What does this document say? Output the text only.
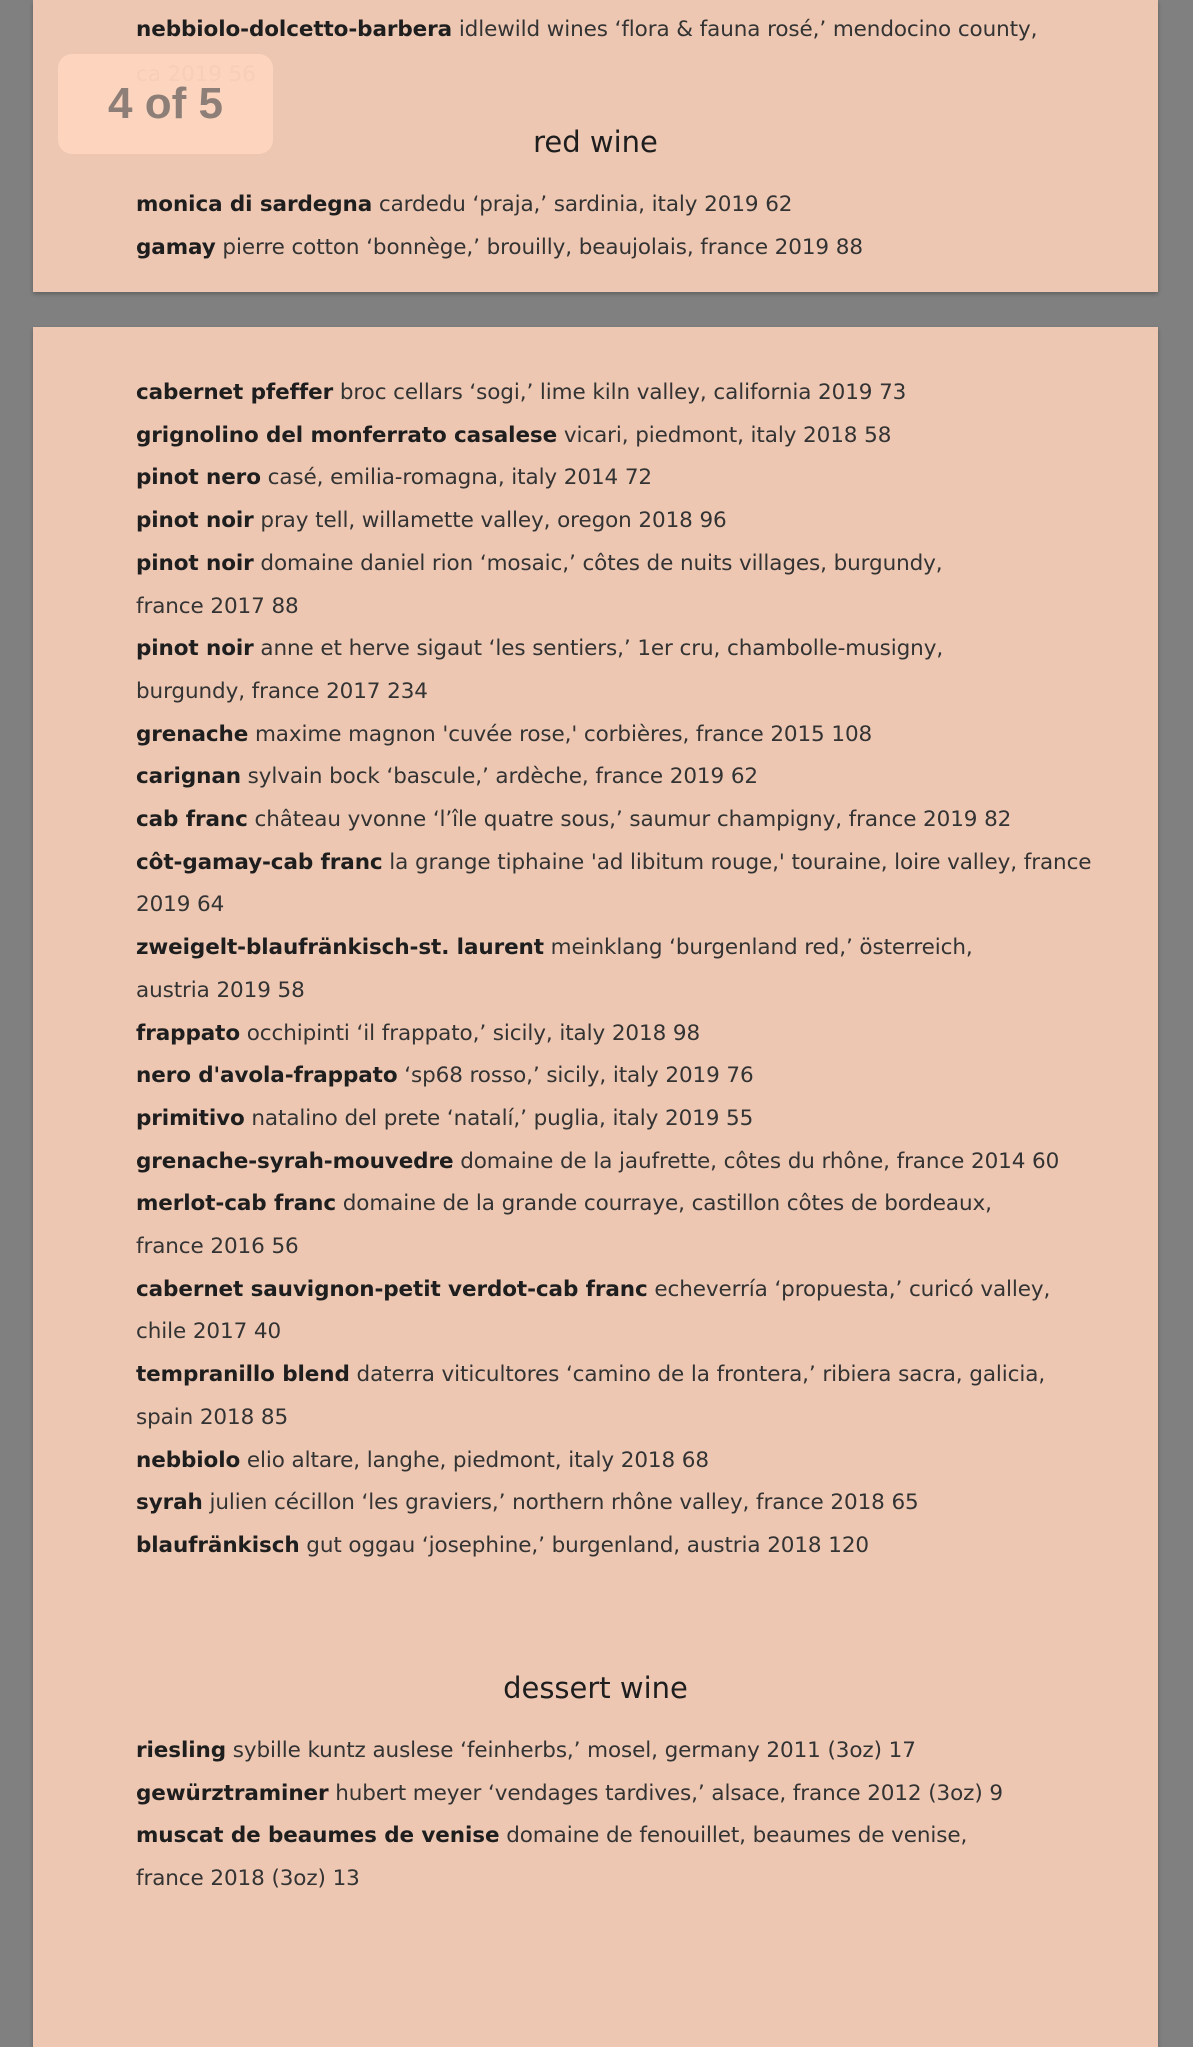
nebbiolo-dolcetto-barbera idlewild wines ‘flora & fauna rosé,’ mendocino county,
red wine
monica di sardegna cardedu ‘praja,’ sardinia, italy 2019 62
gamay pierre cotton ‘bonnège,’ brouilly, beaujolais, france 2019 88
4 of 5
cabernet pfeffer broc cellars ‘sogi,’ lime kiln valley, california 2019 73
grignolino del monferrato casalese vicari, piedmont, italy 2018 58
pinot nero casé, emilia-romagna, italy 2014 72
pinot noir pray tell, willamette valley, oregon 2018 96
pinot noir domaine daniel rion ‘mosaic,’ côtes de nuits villages, burgundy,
france 2017 88
pinot noir anne et herve sigaut ‘les sentiers,’ 1er cru, chambolle-musigny,
burgundy, france 2017 234
grenache maxime magnon 'cuvée rose,' corbières, france 2015 108
carignan sylvain bock ‘bascule,’ ardèche, france 2019 62
cab franc château yvonne ‘l’île quatre sous,’ saumur champigny, france 2019 82
côt-gamay-cab franc la grange tiphaine 'ad libitum rouge,' touraine, loire valley, france
2019 64
zweigelt-blaufränkisch-st. laurent meinklang ‘burgenland red,’ österreich,
austria 2019 58
frappato occhipinti ‘il frappato,’ sicily, italy 2018 98
nero d'avola-frappato ‘sp68 rosso,’ sicily, italy 2019 76
primitivo natalino del prete ‘natalí,’ puglia, italy 2019 55
grenache-syrah-mouvedre domaine de la jaufrette, côtes du rhône, france 2014 60
merlot-cab franc domaine de la grande courraye, castillon côtes de bordeaux,
france 2016 56
cabernet sauvignon-petit verdot-cab franc echeverría ‘propuesta,’ curicó valley,
chile 2017 40
tempranillo blend daterra viticultores ‘camino de la frontera,’ ribiera sacra, galicia,
spain 2018 85
nebbiolo elio altare, langhe, piedmont, italy 2018 68
syrah julien cécillon ‘les graviers,’ northern rhône valley, france 2018 65
blaufränkisch gut oggau ‘josephine,’ burgenland, austria 2018 120
dessert wine
riesling sybille kuntz auslese ‘feinherbs,’ mosel, germany 2011 (3oz) 17
gewürztraminer hubert meyer ‘vendages tardives,’ alsace, france 2012 (3oz) 9
muscat de beaumes de venise domaine de fenouillet, beaumes de venise,
france 2018 (3oz) 13
